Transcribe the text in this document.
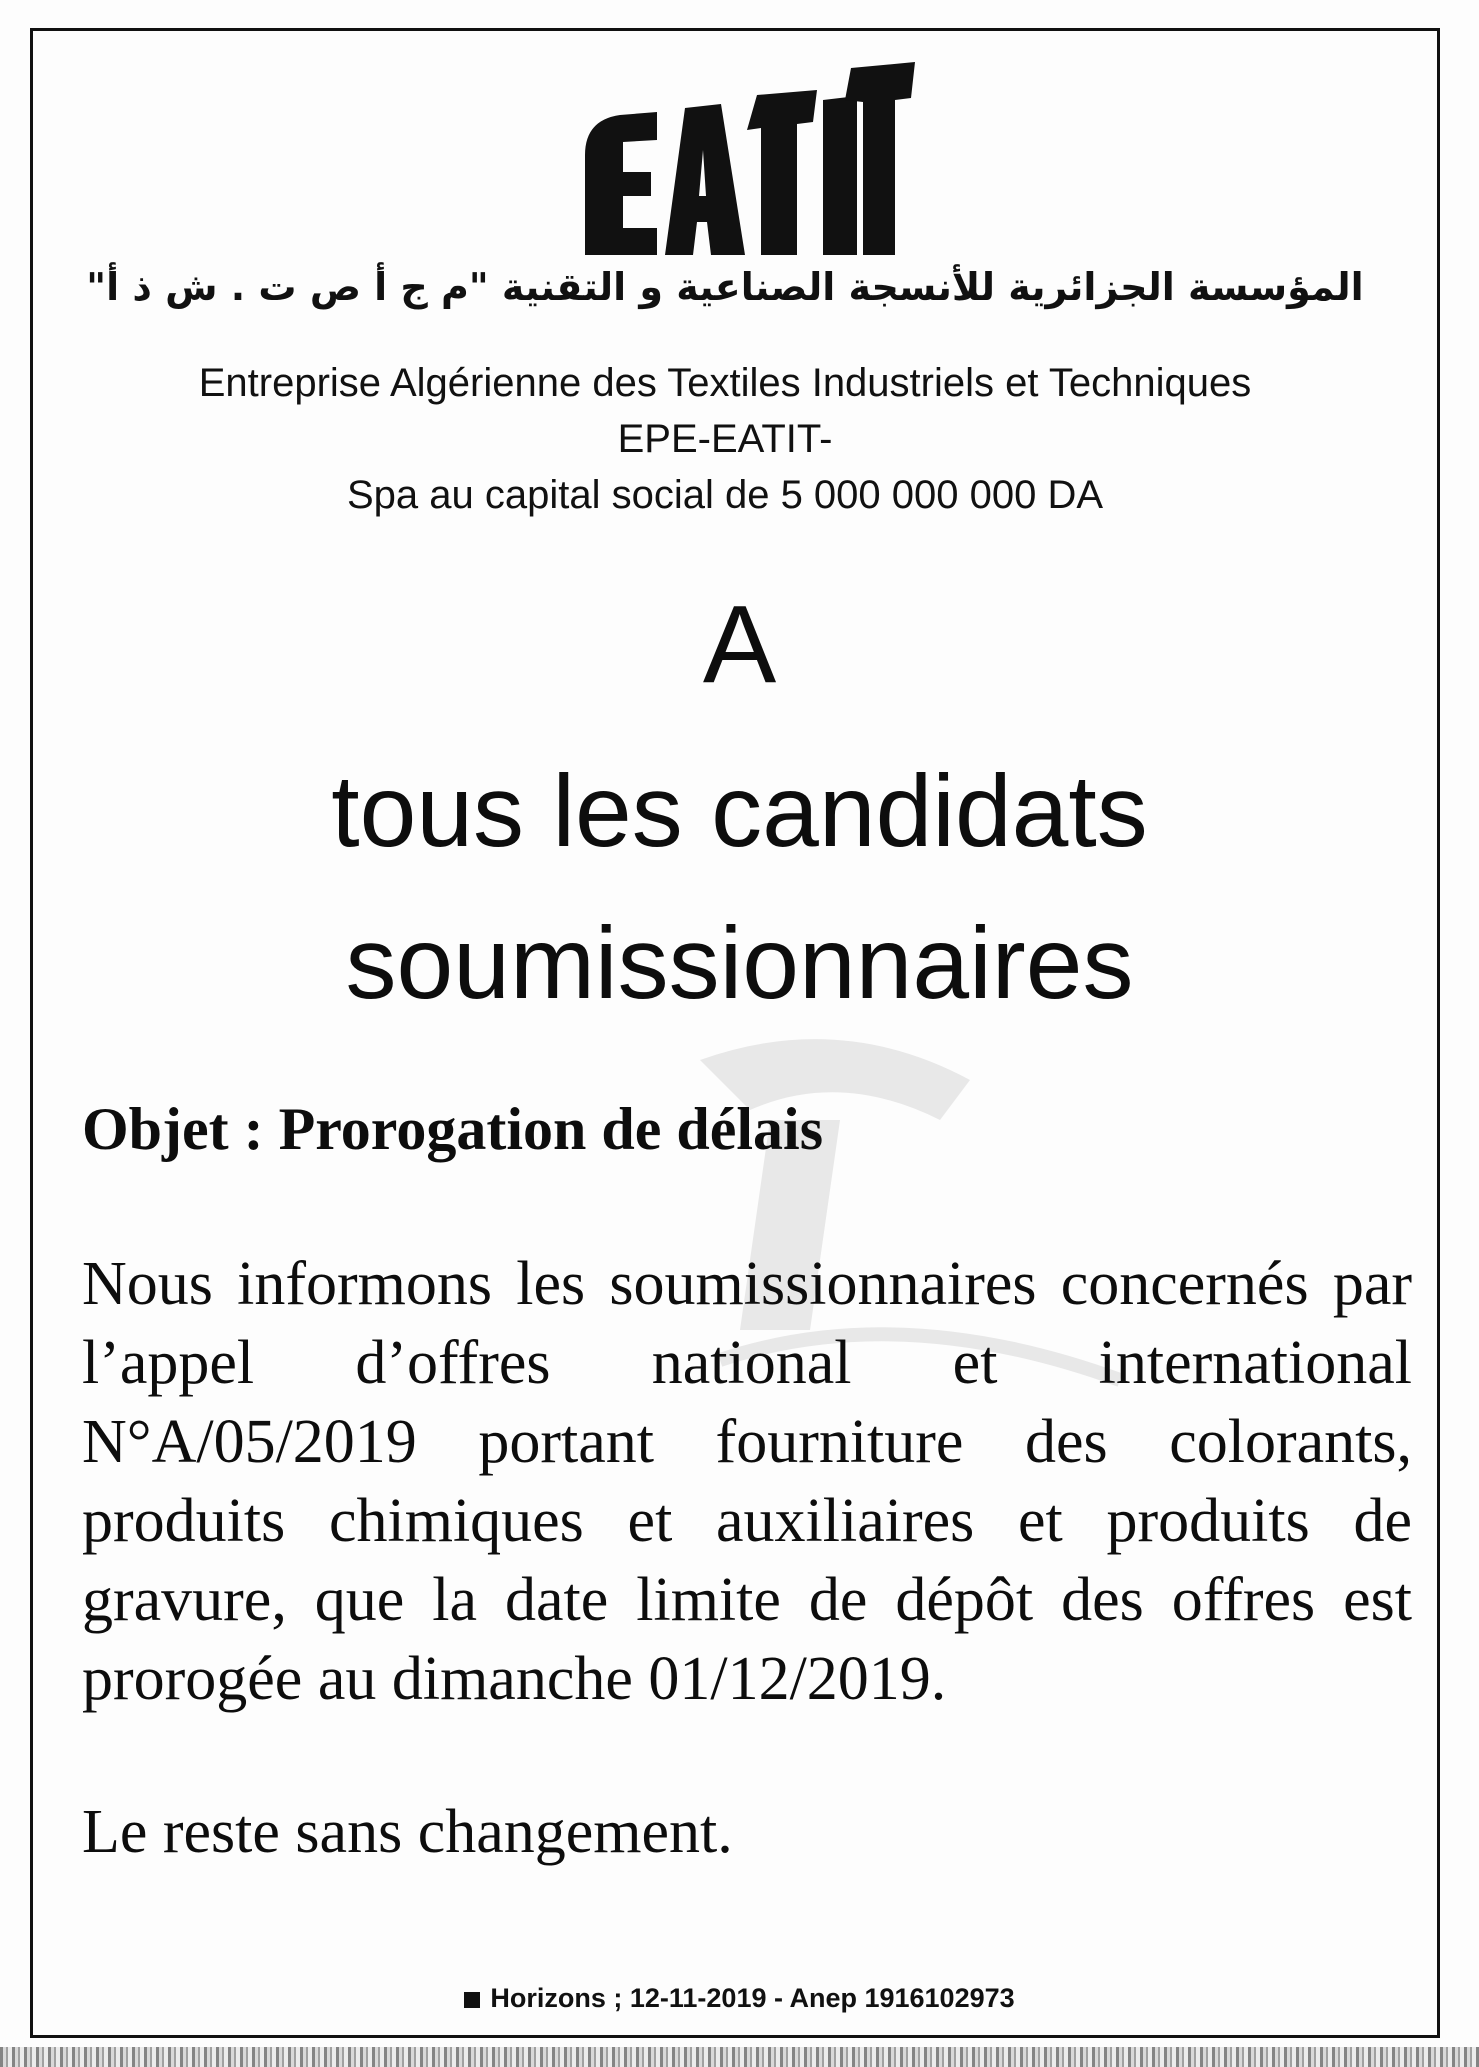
المؤسسة الجزائرية للأنسجة الصناعية و التقنية "م ج أ ص ت . ش ذ أ"
Entreprise Algérienne des Textiles Industriels et Techniques
EPE-EATIT-
Spa au capital social de 5 000 000 000 DA
A
tous les candidats
soumissionnaires
Objet : Prorogation de délais
Nous informons les soumissionnaires concernés par l’appel d’offres national et international N°A/05/2019 portant fourniture des colorants, produits chimiques et auxiliaires et produits de gravure, que la date limite de dépôt des offres est prorogée au dimanche 01/12/2019.
Le reste sans changement.
Horizons ; 12-11-2019 - Anep 1916102973
